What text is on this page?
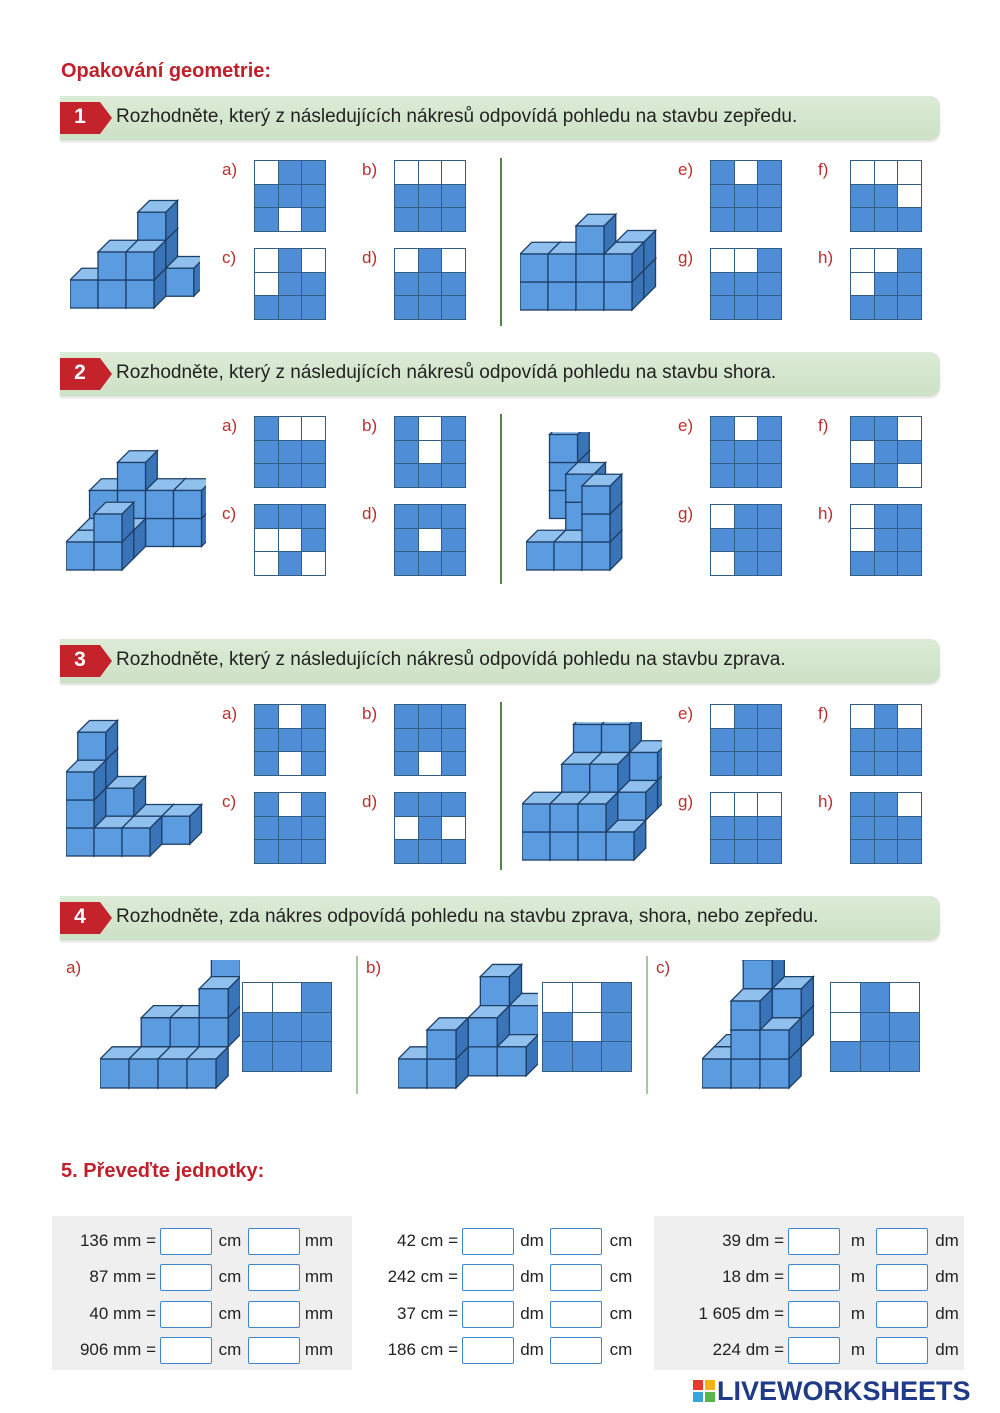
Opakování geometrie:
1	Rozhodněte, který z následujících nákresů odpovídá pohledu na stavbu zepředu.
2	Rozhodněte, který z následujících nákresů odpovídá pohledu na stavbu shora.
3	Rozhodněte, který z následujících nákresů odpovídá pohledu na stavbu zprava.
4	Rozhodněte, zda nákres odpovídá pohledu na stavbu zprava, shora, nebo zepředu.
a)	b)
c)	d)
e)	f)
g)	h)
a)	b)
c)	d)
e)	f)
g)	h)
a)	b)
c)	d)
e)	f)
g)	h)
a)	b)	c)
5. Převeďte jednotky:
136 mm =	cm	mm
87 mm =	cm	mm
40 mm =	cm	mm
906 mm =	cm	mm
42 cm =	dm	cm
242 cm =	dm	cm
37 cm =	dm	cm
186 cm =	dm	cm
39 dm =	m	dm
18 dm =	m	dm
1 605 dm =	m	dm
224 dm =	m	dm
LIVEWORKSHEETS
